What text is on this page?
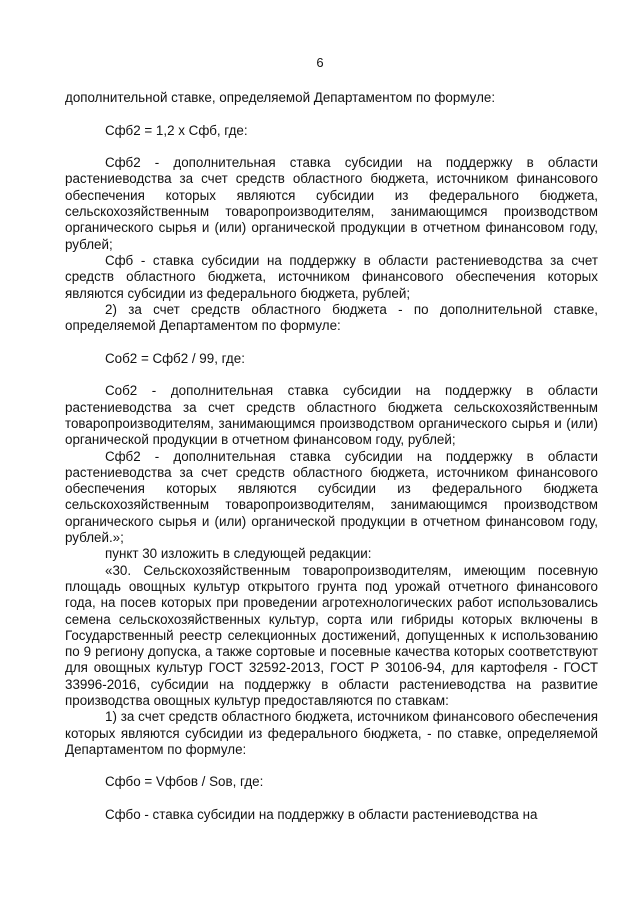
6

дополнительной ставке, определяемой Департаментом по формуле:

Сфб2 = 1,2 х Сфб, где:

Сфб2 - дополнительная ставка субсидии на поддержку в области растениеводства за счет средств областного бюджета, источником финансового обеспечения которых являются субсидии из федерального бюджета, сельскохозяйственным товаропроизводителям, занимающимся производством органического сырья и (или) органической продукции в отчетном финансовом году, рублей;

Сфб - ставка субсидии на поддержку в области растениеводства за счет средств областного бюджета, источником финансового обеспечения которых являются субсидии из федерального бюджета, рублей;

2) за счет средств областного бюджета - по дополнительной ставке, определяемой Департаментом по формуле:

Соб2 = Сфб2 / 99, где:

Соб2 - дополнительная ставка субсидии на поддержку в области растениеводства за счет средств областного бюджета сельскохозяйственным товаропроизводителям, занимающимся производством органического сырья и (или) органической продукции в отчетном финансовом году, рублей;

Сфб2 - дополнительная ставка субсидии на поддержку в области растениеводства за счет средств областного бюджета, источником финансового обеспечения которых являются субсидии из федерального бюджета сельскохозяйственным товаропроизводителям, занимающимся производством органического сырья и (или) органической продукции в отчетном финансовом году, рублей.»;

пункт 30 изложить в следующей редакции:

«30. Сельскохозяйственным товаропроизводителям, имеющим посевную площадь овощных культур открытого грунта под урожай отчетного финансового года, на посев которых при проведении агротехнологических работ использовались семена сельскохозяйственных культур, сорта или гибриды которых включены в Государственный реестр селекционных достижений, допущенных к использованию по 9 региону допуска, а также сортовые и посевные качества которых соответствуют для овощных культур ГОСТ 32592-2013, ГОСТ Р 30106-94, для картофеля - ГОСТ 33996-2016, субсидии на поддержку в области растениеводства на развитие производства овощных культур предоставляются по ставкам:

1) за счет средств областного бюджета, источником финансового обеспечения которых являются субсидии из федерального бюджета, - по ставке, определяемой Департаментом по формуле:

Сфбо = Vфбов / Sов, где:

Сфбо - ставка субсидии на поддержку в области растениеводства на
